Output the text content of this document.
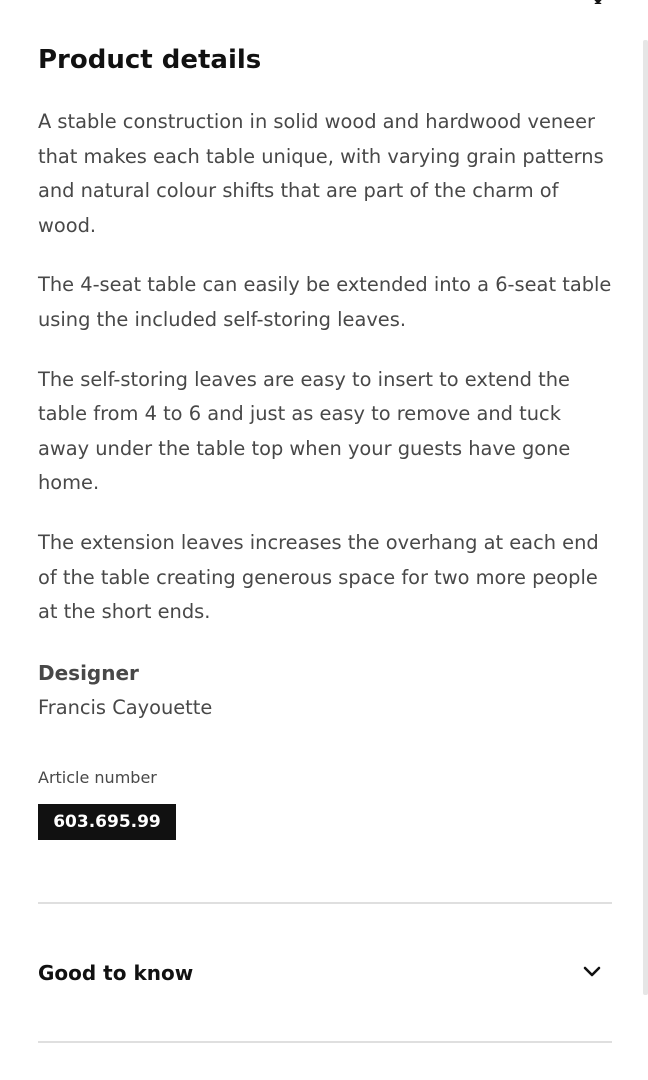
Product details

A stable construction in solid wood and hardwood veneer that makes each table unique, with varying grain patterns and natural colour shifts that are part of the charm of wood.

The 4-seat table can easily be extended into a 6-seat table using the included self-storing leaves.

The self-storing leaves are easy to insert to extend the table from 4 to 6 and just as easy to remove and tuck away under the table top when your guests have gone home.

The extension leaves increases the overhang at each end of the table creating generous space for two more people at the short ends.

Designer
Francis Cayouette
Article number
603.695.99
Good to know
